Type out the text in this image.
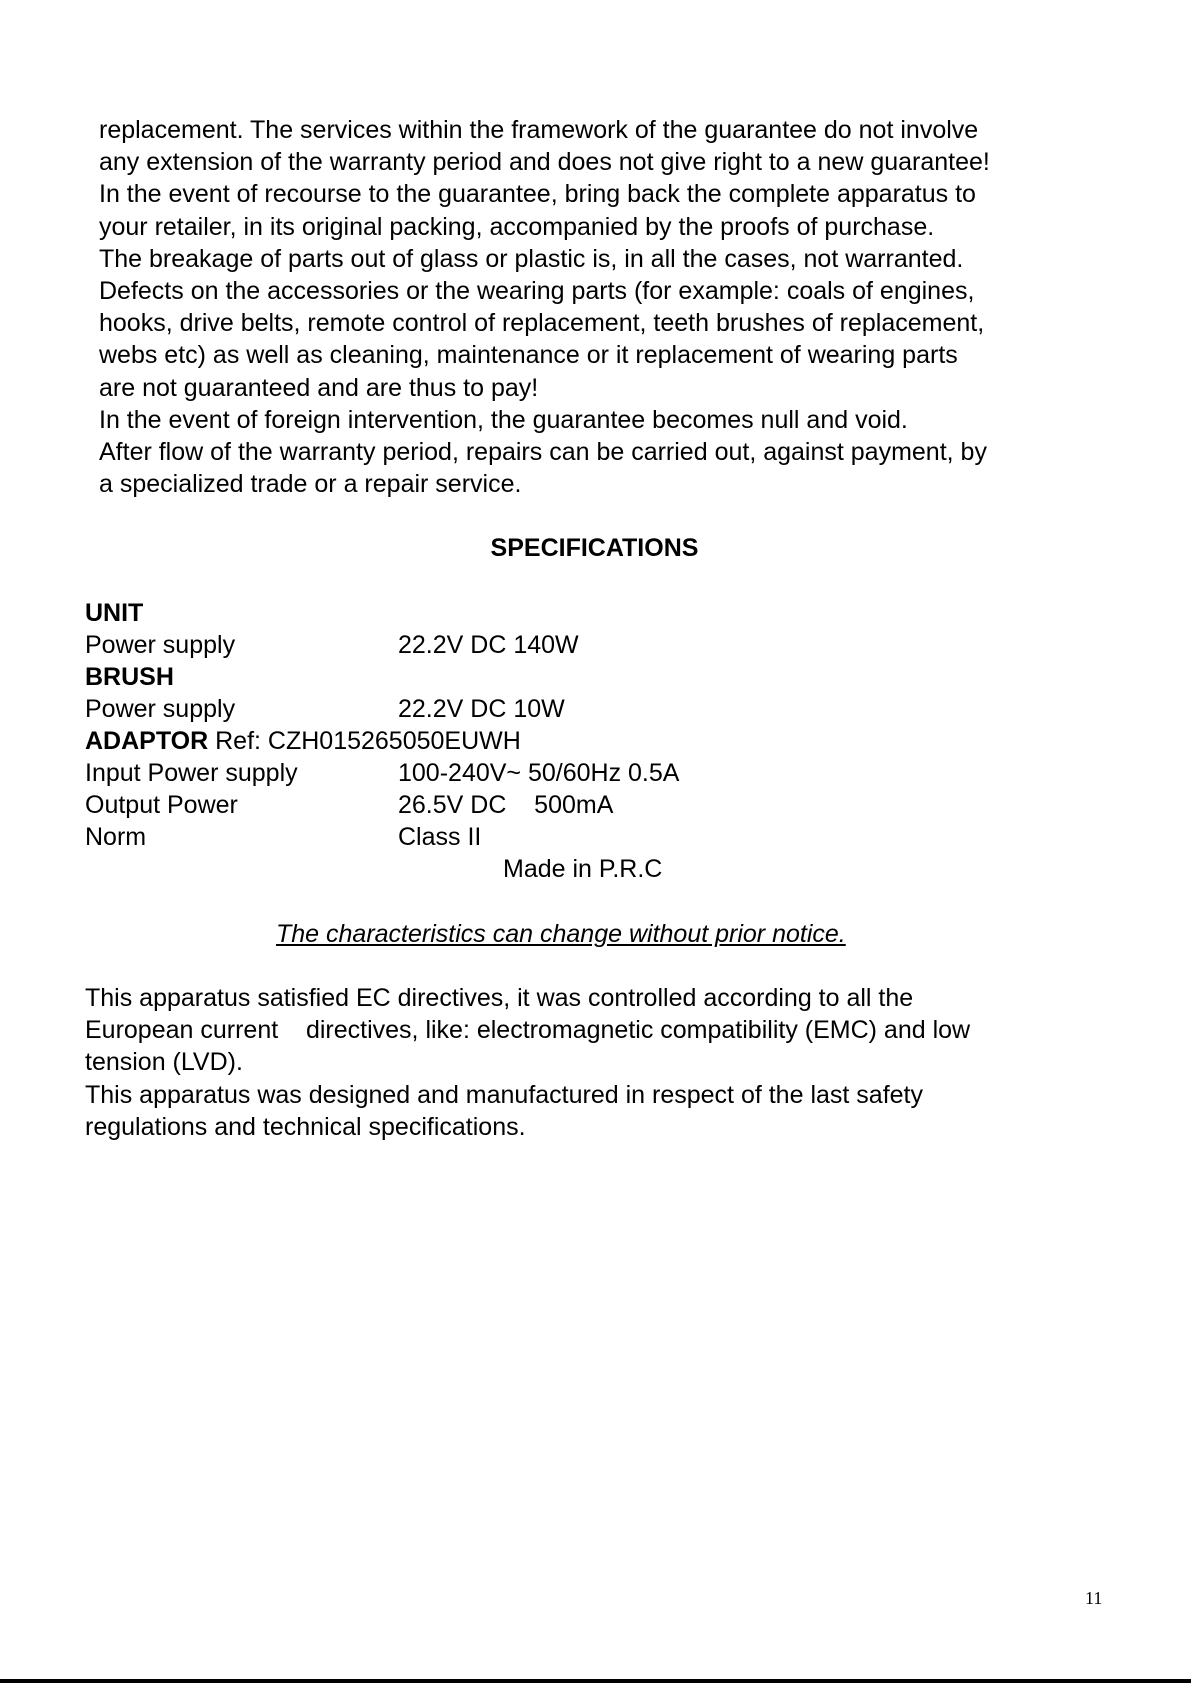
replacement. The services within the framework of the guarantee do not involve
any extension of the warranty period and does not give right to a new guarantee!
In the event of recourse to the guarantee, bring back the complete apparatus to
your retailer, in its original packing, accompanied by the proofs of purchase.
The breakage of parts out of glass or plastic is, in all the cases, not warranted.
Defects on the accessories or the wearing parts (for example: coals of engines,
hooks, drive belts, remote control of replacement, teeth brushes of replacement,
webs etc) as well as cleaning, maintenance or it replacement of wearing parts
are not guaranteed and are thus to pay!
In the event of foreign intervention, the guarantee becomes null and void.
After flow of the warranty period, repairs can be carried out, against payment, by
a specialized trade or a repair service.
SPECIFICATIONS
UNIT
Power supply	22.2V DC 140W
BRUSH
Power supply	22.2V DC 10W
ADAPTOR Ref: CZH015265050EUWH
Input Power supply	100-240V~ 50/60Hz 0.5A
Output Power	26.5V DC    500mA
Norm	Class II
Made in P.R.C
The characteristics can change without prior notice.
This apparatus satisfied EC directives, it was controlled according to all the
European current    directives, like: electromagnetic compatibility (EMC) and low
tension (LVD).
This apparatus was designed and manufactured in respect of the last safety
regulations and technical specifications.
11
